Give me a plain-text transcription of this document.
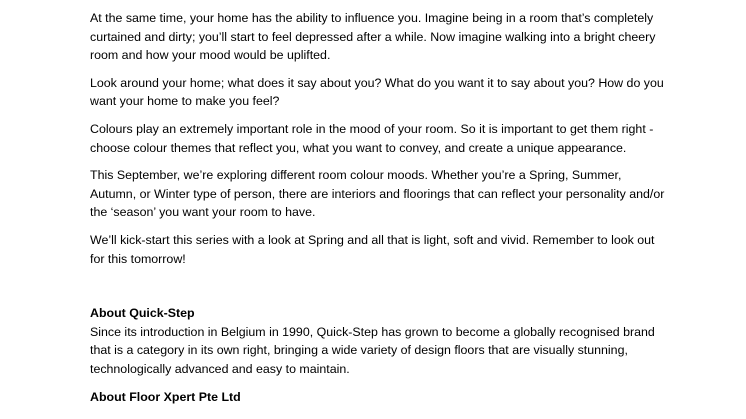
At the same time, your home has the ability to influence you. Imagine being in a room that’s completely curtained and dirty; you’ll start to feel depressed after a while. Now imagine walking into a bright cheery room and how your mood would be uplifted.

Look around your home; what does it say about you? What do you want it to say about you? How do you want your home to make you feel?

Colours play an extremely important role in the mood of your room. So it is important to get them right - choose colour themes that reflect you, what you want to convey, and create a unique appearance.

This September, we’re exploring different room colour moods. Whether you’re a Spring, Summer, Autumn, or Winter type of person, there are interiors and floorings that can reflect your personality and/or the ‘season’ you want your room to have.

We’ll kick-start this series with a look at Spring and all that is light, soft and vivid. Remember to look out for this tomorrow!

About Quick-Step

Since its introduction in Belgium in 1990, Quick-Step has grown to become a globally recognised brand that is a category in its own right, bringing a wide variety of design floors that are visually stunning, technologically advanced and easy to maintain.

About Floor Xpert Pte Ltd
